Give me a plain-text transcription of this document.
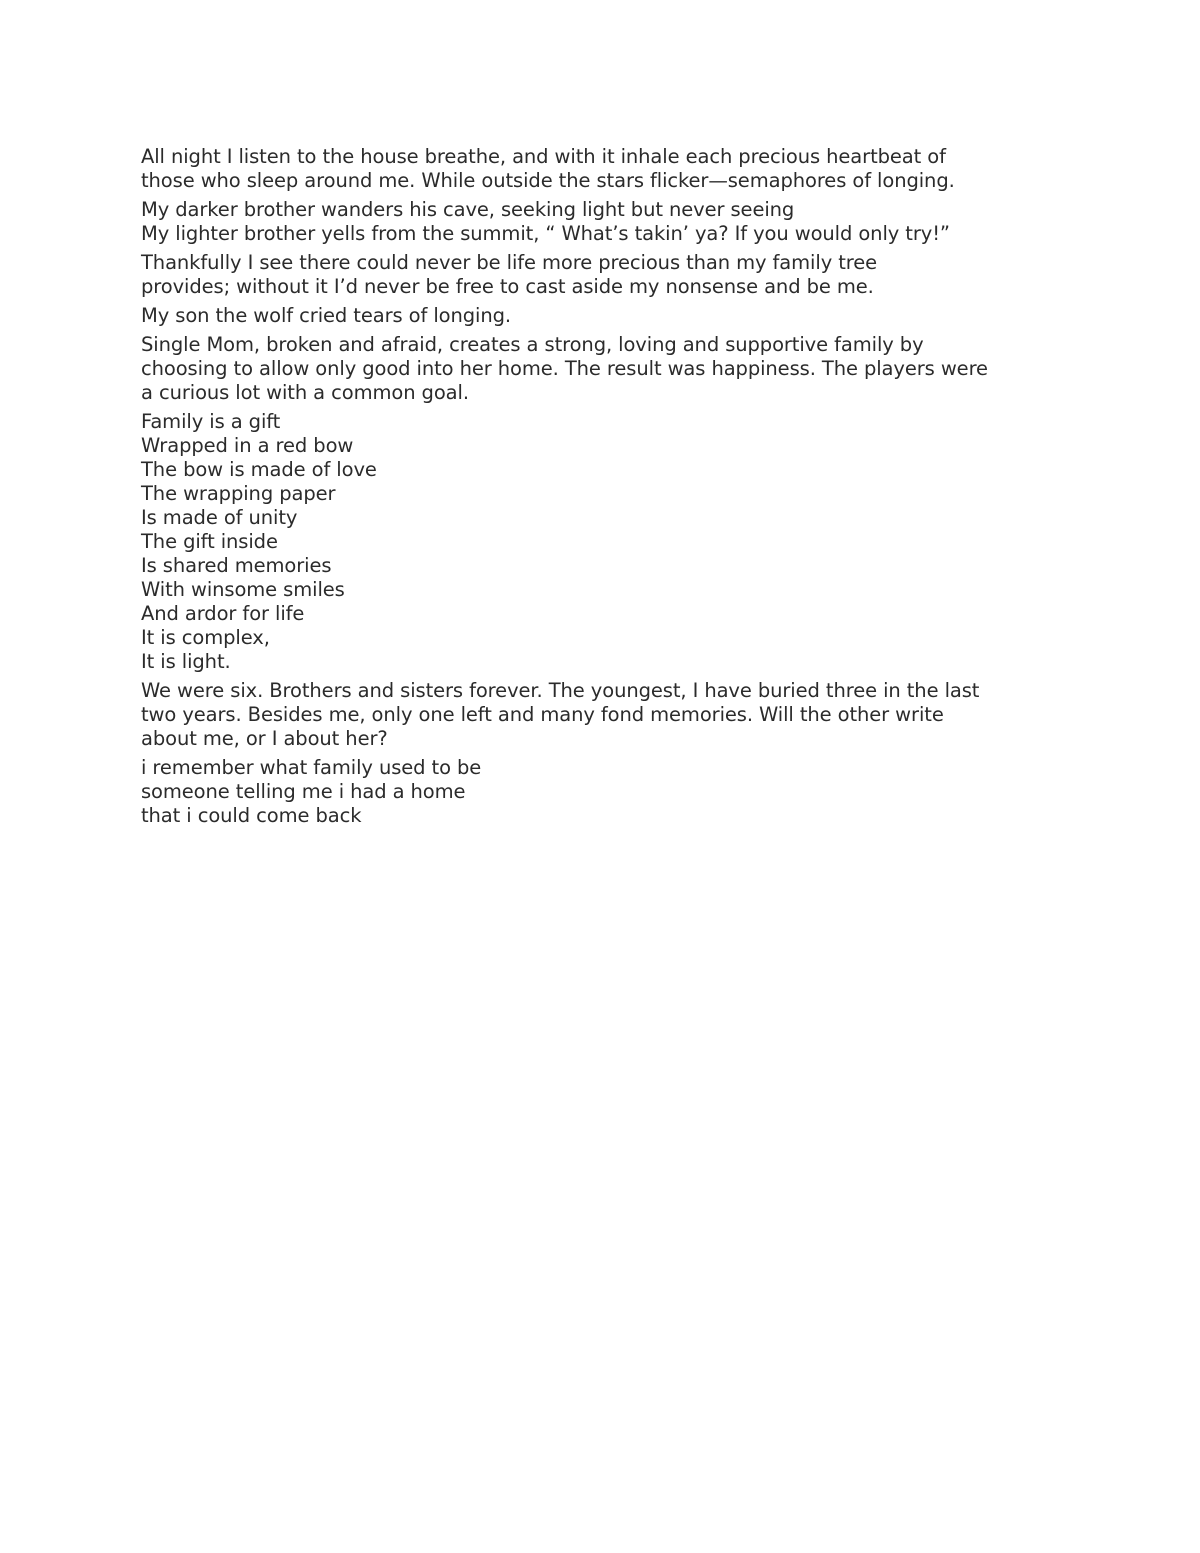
All night I listen to the house breathe, and with it inhale each precious heartbeat of
those who sleep around me. While outside the stars flicker—semaphores of longing.

My darker brother wanders his cave, seeking light but never seeing
My lighter brother yells from the summit, “ What’s takin’ ya? If you would only try!”

Thankfully I see there could never be life more precious than my family tree
provides; without it I’d never be free to cast aside my nonsense and be me.

My son the wolf cried tears of longing.

Single Mom, broken and afraid, creates a strong, loving and supportive family by
choosing to allow only good into her home. The result was happiness. The players were
a curious lot with a common goal.

Family is a gift
Wrapped in a red bow
The bow is made of love
The wrapping paper
Is made of unity
The gift inside
Is shared memories
With winsome smiles
And ardor for life
It is complex,
It is light.

We were six. Brothers and sisters forever. The youngest, I have buried three in the last
two years. Besides me, only one left and many fond memories. Will the other write
about me, or I about her?

i remember what family used to be
someone telling me i had a home
that i could come back
